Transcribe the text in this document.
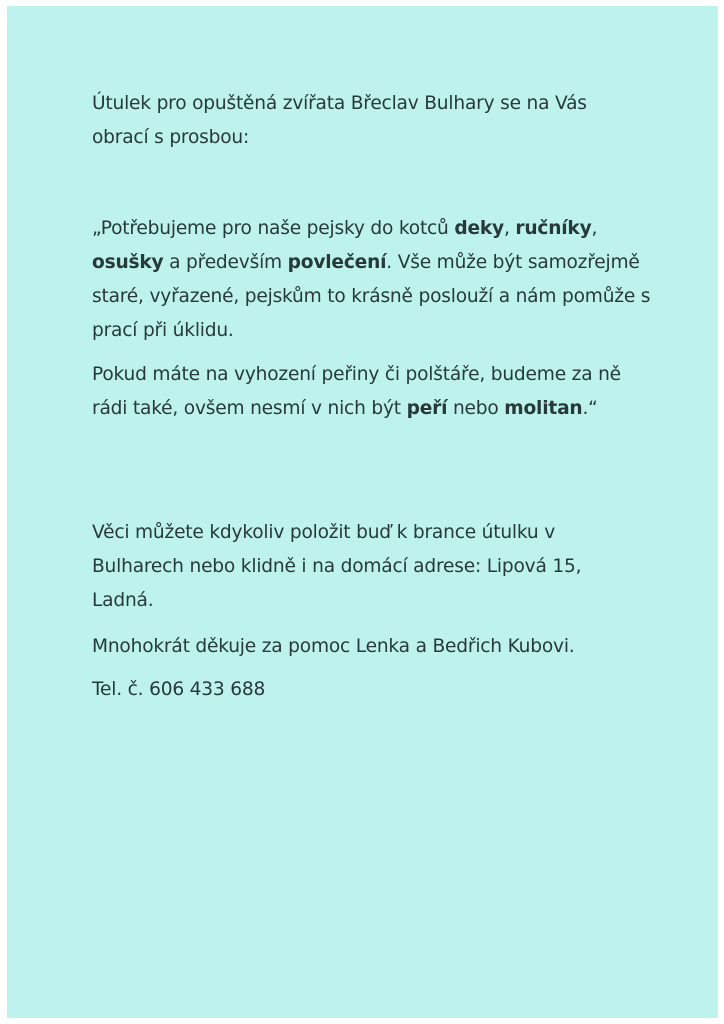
Útulek pro opuštěná zvířata Břeclav Bulhary se na Vás obrací s prosbou:

„Potřebujeme pro naše pejsky do kotců deky, ručníky, osušky a především povlečení. Vše může být samozřejmě staré, vyřazené, pejskům to krásně poslouží a nám pomůže s prací při úklidu.

Pokud máte na vyhození peřiny či polštáře, budeme za ně rádi také, ovšem nesmí v nich být peří nebo molitan.“

Věci můžete kdykoliv položit buď k brance útulku v Bulharech nebo klidně i na domácí adrese: Lipová 15, Ladná.

Mnohokrát děkuje za pomoc Lenka a Bedřich Kubovi.

Tel. č. 606 433 688
